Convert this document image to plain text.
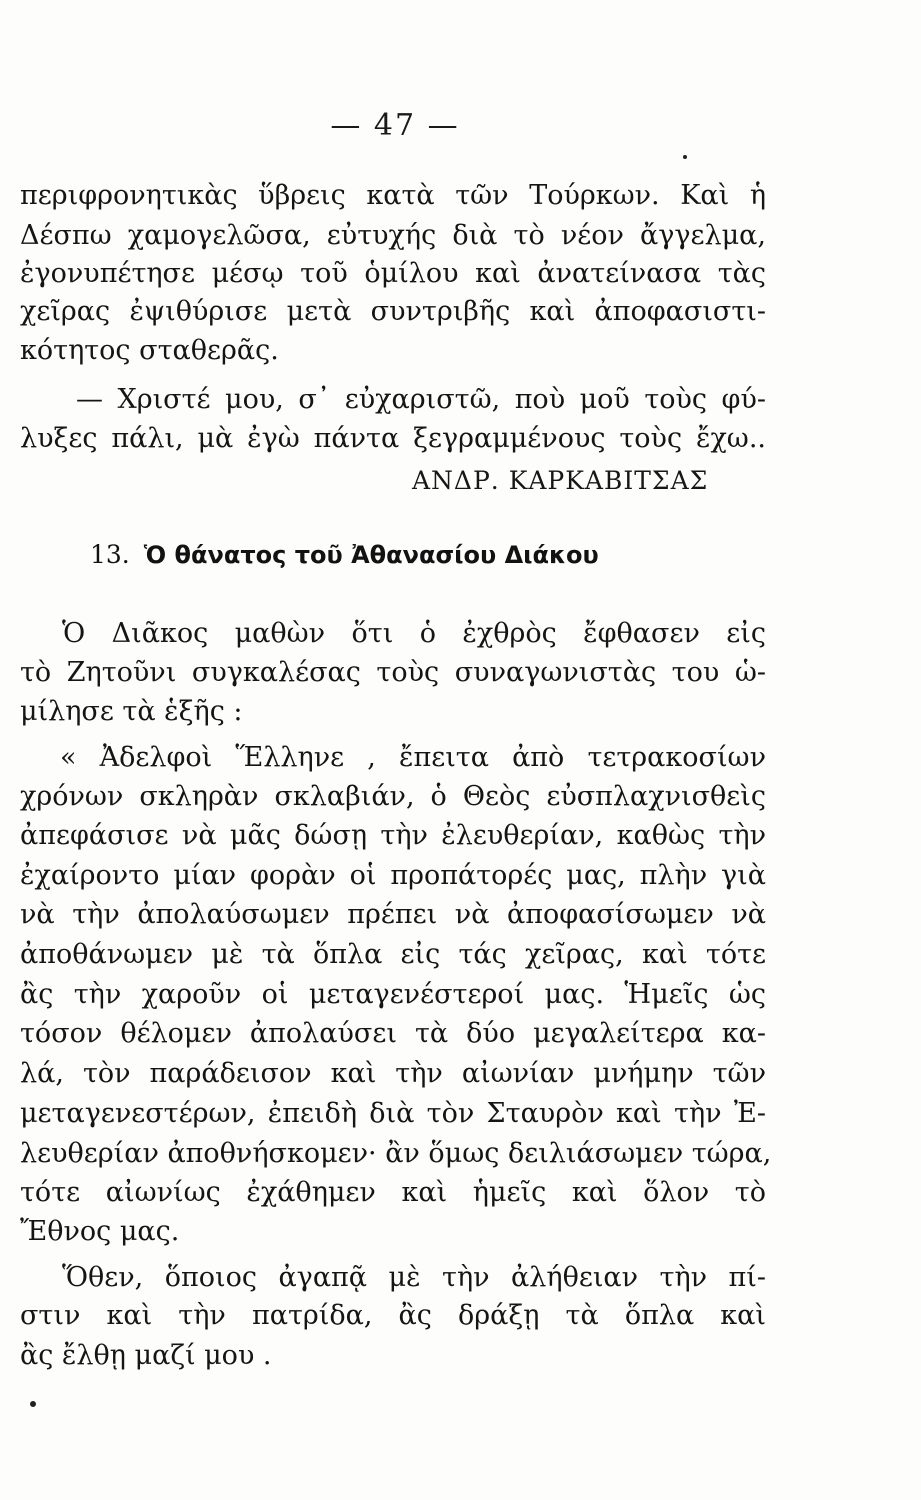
— 47 —
περιφρονητικὰς ὕβρεις κατὰ τῶν Τούρκων. Καὶ ἡ
Δέσπω χαμογελῶσα, εὐτυχής διὰ τὸ νέον ἄγγελμα,
ἐγονυπέτησε μέσῳ τοῦ ὁμίλου καὶ ἀνατείνασα τὰς
χεῖρας ἐψιθύρισε μετὰ συντριβῆς καὶ ἀποφασιστι-
κότητος σταθερᾶς.
— Χριστέ μου, σ᾽ εὐχαριστῶ, ποὺ μοῦ τοὺς φύ-
λυξες πάλι, μὰ ἐγὼ πάντα ξεγραμμένους τοὺς ἔχω..
ΑΝΔΡ. ΚΑΡΚΑΒΙΤΣΑΣ
13. Ὁ θάνατος τοῦ Ἀθανασίου Διάκου
Ὁ Διᾶκος μαθὼν ὅτι ὁ ἐχθρὸς ἔφθασεν εἰς
τὸ Ζητοῦνι συγκαλέσας τοὺς συναγωνιστὰς του ὡ-
μίλησε τὰ ἑξῆς :
« Ἀδελφοὶ Ἕλληνε , ἔπειτα ἀπὸ τετρακοσίων
χρόνων σκληρὰν σκλαβιάν, ὁ Θεὸς εὐσπλαχνισθεὶς
ἀπεφάσισε νὰ μᾶς δώσῃ τὴν ἐλευθερίαν, καθὼς τὴν
ἐχαίροντο μίαν φορὰν οἱ προπάτορές μας, πλὴν γιὰ
νὰ τὴν ἀπολαύσωμεν πρέπει νὰ ἀποφασίσωμεν νὰ
ἀποθάνωμεν μὲ τὰ ὅπλα εἰς τάς χεῖρας, καὶ τότε
ἂς τὴν χαροῦν οἱ μεταγενέστεροί μας. Ἡμεῖς ὡς
τόσον θέλομεν ἀπολαύσει τὰ δύο μεγαλείτερα κα-
λά, τὸν παράδεισον καὶ τὴν αἰωνίαν μνήμην τῶν
μεταγενεστέρων, ἐπειδὴ διὰ τὸν Σταυρὸν καὶ τὴν Ἐ-
λευθερίαν ἀποθνήσκομεν· ἂν ὅμως δειλιάσωμεν τώρα,
τότε αἰωνίως ἐχάθημεν καὶ ἡμεῖς καὶ ὅλον τὸ
Ἔθνος μας.
Ὅθεν, ὅποιος ἀγαπᾷ μὲ τὴν ἀλήθειαν τὴν πί-
στιν καὶ τὴν πατρίδα, ἂς δράξῃ τὰ ὅπλα καὶ
ἂς ἔλθῃ μαζί μου .
